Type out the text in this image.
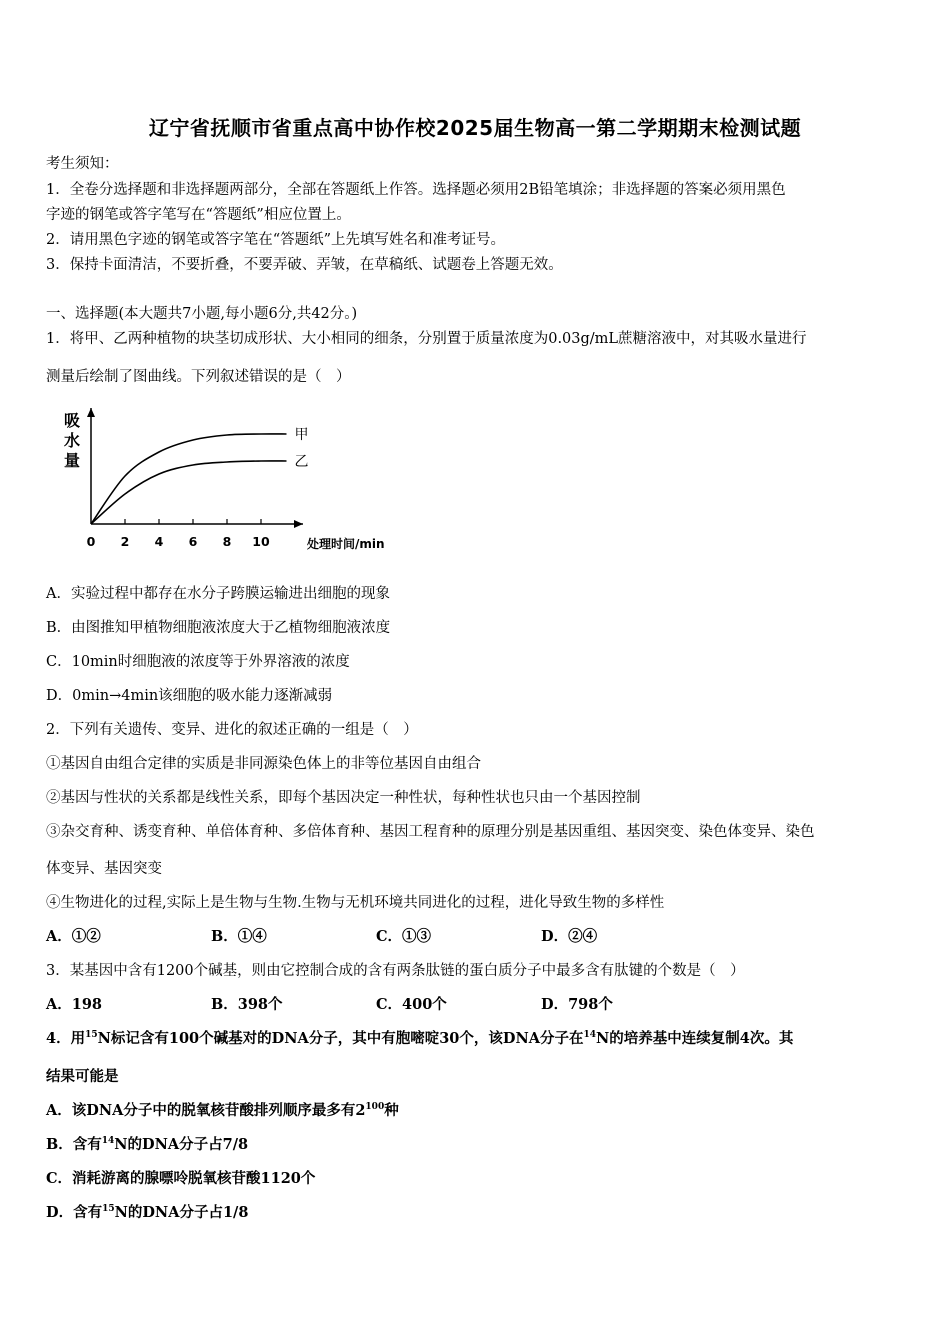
辽宁省抚顺市省重点高中协作校2025届生物高一第二学期期末检测试题
考生须知：
1．全卷分选择题和非选择题两部分，全部在答题纸上作答。选择题必须用2B铅笔填涂；非选择题的答案必须用黑色
字迹的钢笔或答字笔写在“答题纸”相应位置上。
2．请用黑色字迹的钢笔或答字笔在“答题纸”上先填写姓名和准考证号。
3．保持卡面清洁，不要折叠，不要弄破、弄皱，在草稿纸、试题卷上答题无效。
一、选择题(本大题共7小题,每小题6分,共42分。)
1．将甲、乙两种植物的块茎切成形状、大小相同的细条，分别置于质量浓度为0.03g/mL蔗糖溶液中，对其吸水量进行
测量后绘制了图曲线。下列叙述错误的是（　）
吸
水
量
0 2 4 6 8 10	处理时间/min
甲
乙
A．实验过程中都存在水分子跨膜运输进出细胞的现象
B．由图推知甲植物细胞液浓度大于乙植物细胞液浓度
C．10min时细胞液的浓度等于外界溶液的浓度
D．0min→4min该细胞的吸水能力逐渐减弱
2．下列有关遗传、变异、进化的叙述正确的一组是（　）
①基因自由组合定律的实质是非同源染色体上的非等位基因自由组合
②基因与性状的关系都是线性关系，即每个基因决定一种性状，每种性状也只由一个基因控制
③杂交育种、诱变育种、单倍体育种、多倍体育种、基因工程育种的原理分别是基因重组、基因突变、染色体变异、染色
体变异、基因突变
④生物进化的过程,实际上是生物与生物.生物与无机环境共同进化的过程，进化导致生物的多样性
A．①②	B．①④	C．①③	D．②④
3．某基因中含有1200个碱基，则由它控制合成的含有两条肽链的蛋白质分子中最多含有肽键的个数是（　）
A．198	B．398个	C．400个	D．798个
4．用$^{15}$N标记含有100个碱基对的DNA分子，其中有胞嘧啶30个，该DNA分子在$^{14}$N的培养基中连续复制4次。其
结果可能是
A．该DNA分子中的脱氧核苷酸排列顺序最多有$2^{100}$种
B．含有$^{14}$N的DNA分子占7/8
C．消耗游离的腺嘌呤脱氧核苷酸1120个
D．含有$^{15}$N的DNA分子占1/8
